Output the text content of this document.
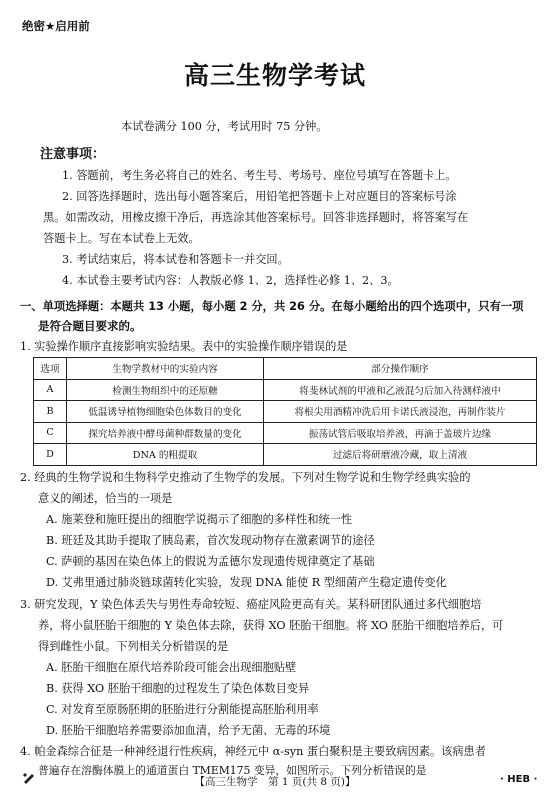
绝密★启用前
高三生物学考试
本试卷满分 100 分，考试用时 75 分钟。
注意事项：
1. 答题前，考生务必将自己的姓名、考生号、考场号、座位号填写在答题卡上。
2. 回答选择题时，选出每小题答案后，用铅笔把答题卡上对应题目的答案标号涂
黑。如需改动，用橡皮擦干净后，再选涂其他答案标号。回答非选择题时，将答案写在
答题卡上。写在本试卷上无效。
3. 考试结束后，将本试卷和答题卡一并交回。
4. 本试卷主要考试内容：人教版必修 1、2，选择性必修 1、2、3。
一、单项选择题：本题共 13 小题，每小题 2 分，共 26 分。在每小题给出的四个选项中，只有一项
是符合题目要求的。
1. 实验操作顺序直接影响实验结果。表中的实验操作顺序错误的是
选项	生物学教材中的实验内容	部分操作顺序
A	检测生物组织中的还原糖	将斐林试剂的甲液和乙液混匀后加入待测样液中
B	低温诱导植物细胞染色体数目的变化	将根尖用酒精冲洗后用卡诺氏液浸泡，再制作装片
C	探究培养液中酵母菌种群数量的变化	振荡试管后吸取培养液，再滴于盖玻片边缘
D	DNA 的粗提取	过滤后将研磨液冷藏，取上清液
2. 经典的生物学说和生物科学史推动了生物学的发展。下列对生物学说和生物学经典实验的
意义的阐述，恰当的一项是
A. 施莱登和施旺提出的细胞学说揭示了细胞的多样性和统一性
B. 班廷及其助手提取了胰岛素，首次发现动物存在激素调节的途径
C. 萨顿的基因在染色体上的假说为孟德尔发现遗传规律奠定了基础
D. 艾弗里通过肺炎链球菌转化实验，发现 DNA 能使 R 型细菌产生稳定遗传变化
3. 研究发现，Y 染色体丢失与男性寿命较短、癌症风险更高有关。某科研团队通过多代细胞培
养，将小鼠胚胎干细胞的 Y 染色体去除，获得 XO 胚胎干细胞。将 XO 胚胎干细胞培养后，可
得到雌性小鼠。下列相关分析错误的是
A. 胚胎干细胞在原代培养阶段可能会出现细胞贴壁
B. 获得 XO 胚胎干细胞的过程发生了染色体数目变异
C. 对发育至原肠胚期的胚胎进行分割能提高胚胎利用率
D. 胚胎干细胞培养需要添加血清，给予无菌、无毒的环境
4. 帕金森综合征是一种神经退行性疾病，神经元中 α-syn 蛋白聚积是主要致病因素。该病患者
普遍存在溶酶体膜上的通道蛋白 TMEM175 变异，如图所示。下列分析错误的是
【高三生物学　第 1 页(共 8 页)】	· HEB ·
